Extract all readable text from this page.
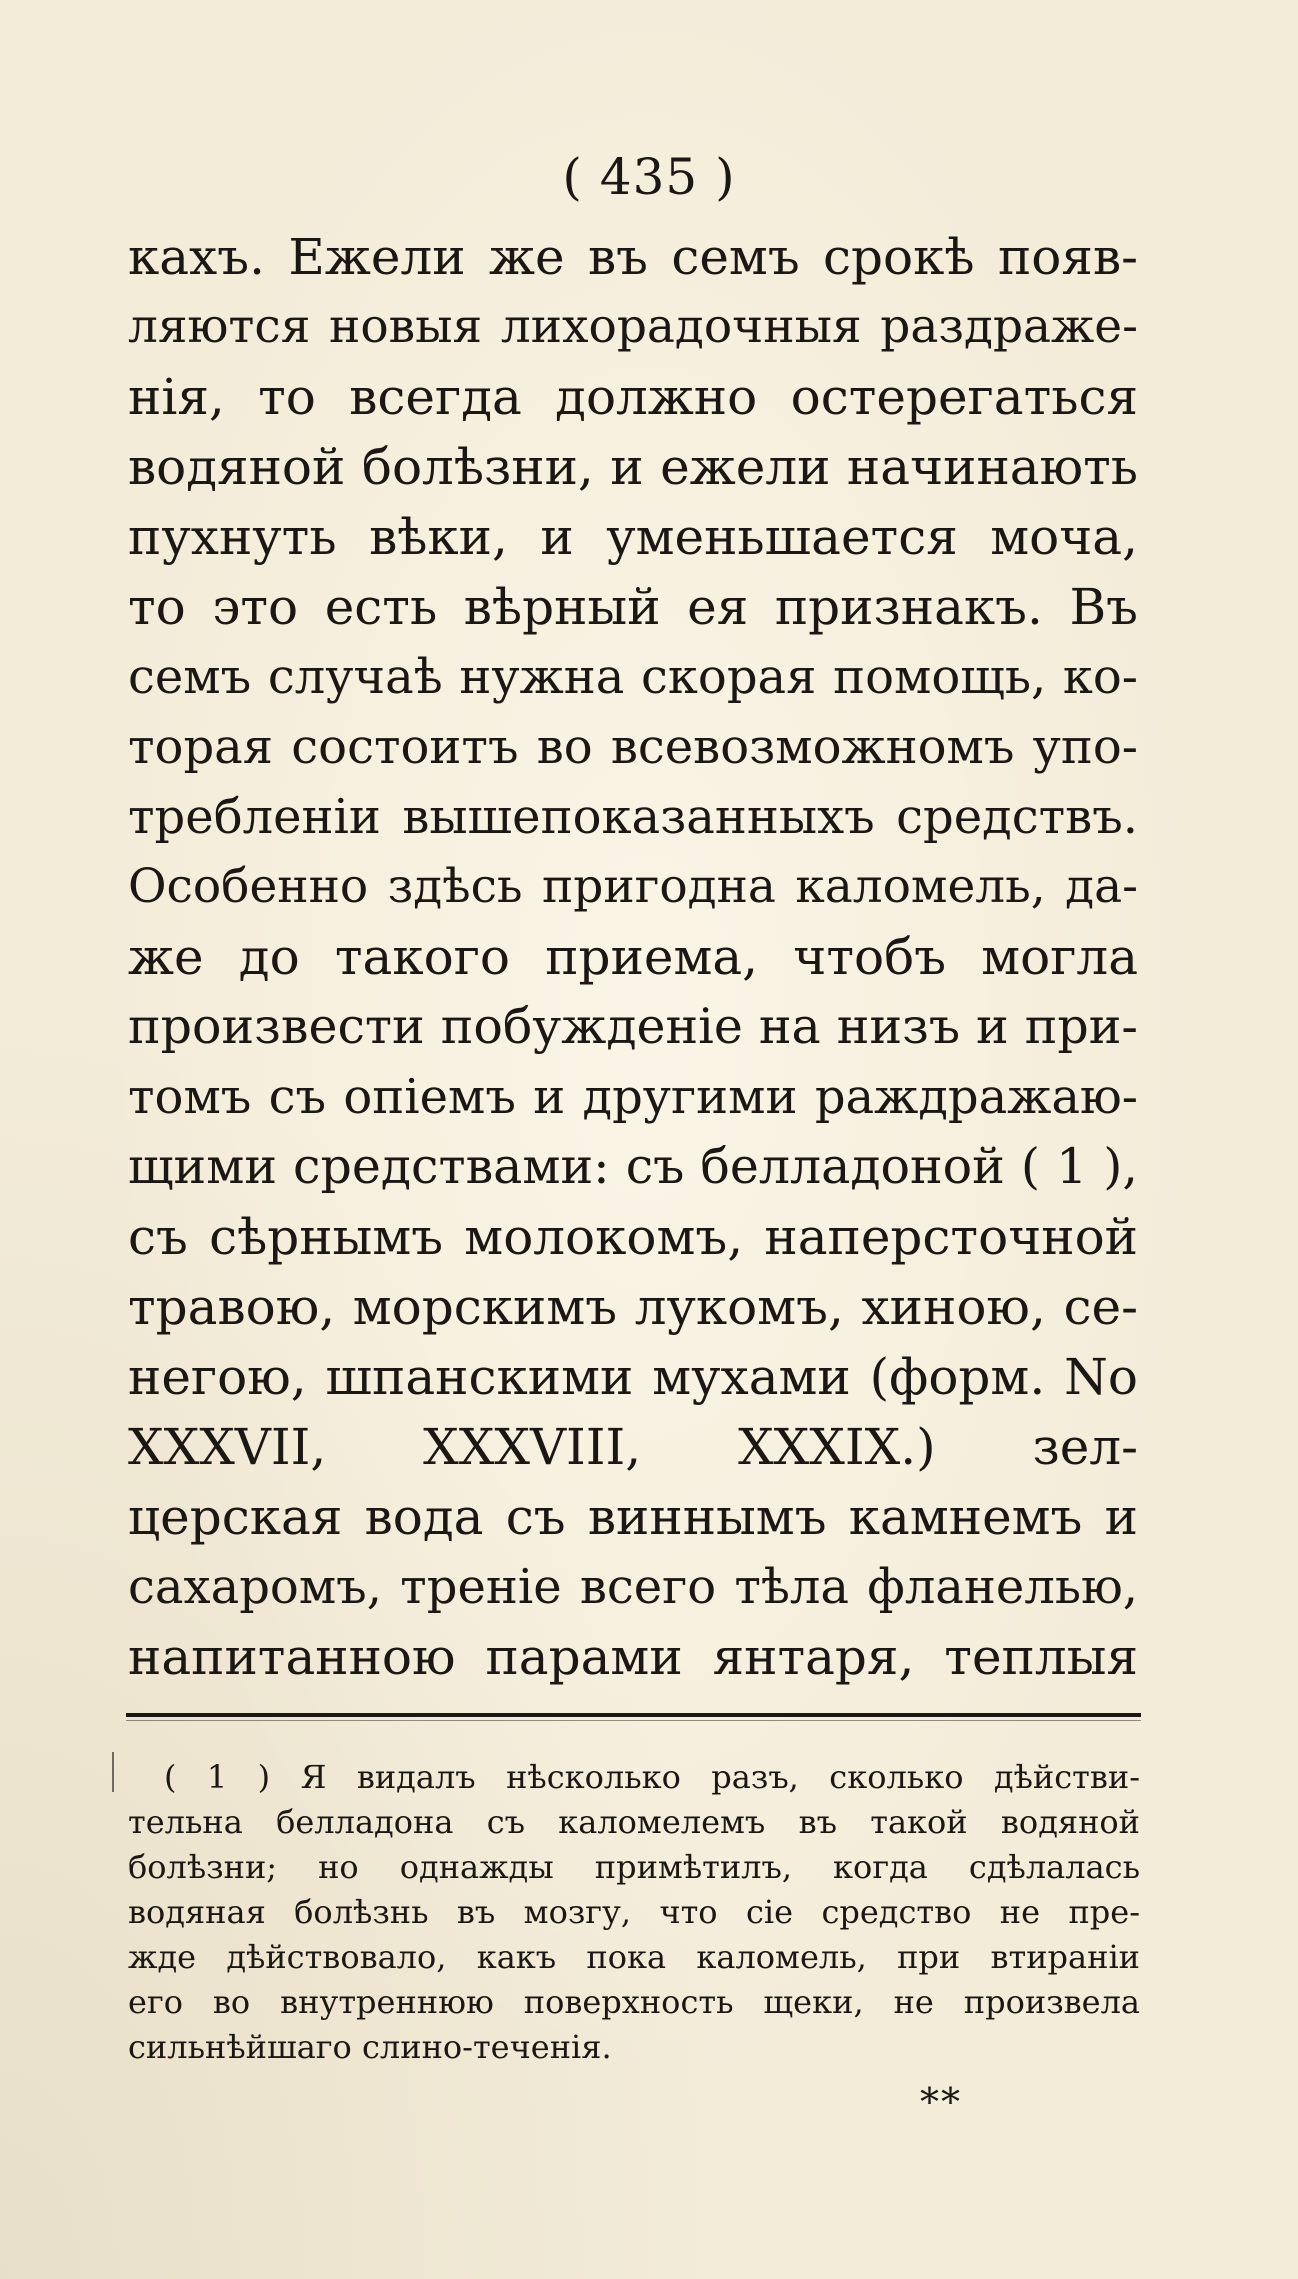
( 435 )
кахъ. Ежели же въ семъ срокѣ появ-
ляются новыя лихорадочныя раздраже-
нія, то всегда должно остерегаться
водяной болѣзни, и ежели начинають
пухнуть вѣки, и уменьшается моча,
то это есть вѣрный ея признакъ. Въ
семъ случаѣ нужна скорая помощь, ко-
торая состоитъ во всевозможномъ упо-
требленіи вышепоказанныхъ средствъ.
Особенно здѣсь пригодна каломель, да-
же до такого приема, чтобъ могла
произвести побужденіе на низъ и при-
томъ съ опіемъ и другими раждражаю-
щими средствами: съ белладоной ( 1 ),
съ сѣрнымъ молокомъ, наперсточной
травою, морскимъ лукомъ, хиною, се-
негою, шпанскими мухами (форм. No
XXXVII, XXXVIII, XXXIX.) зел-
церская вода съ виннымъ камнемъ и
сахаромъ, треніе всего тѣла фланелью,
напитанною парами янтаря, теплыя
( 1 ) Я видалъ нѣсколько разъ, сколько дѣйстви-
тельна белладона съ каломелемъ въ такой водяной
болѣзни; но однажды примѣтилъ, когда сдѣлалась
водяная болѣзнь въ мозгу, что сіе средство не пре-
жде дѣйствовало, какъ пока каломель, при втираніи
его во внутреннюю поверхность щеки, не произвела
сильнѣйшаго слино-теченія.
**
